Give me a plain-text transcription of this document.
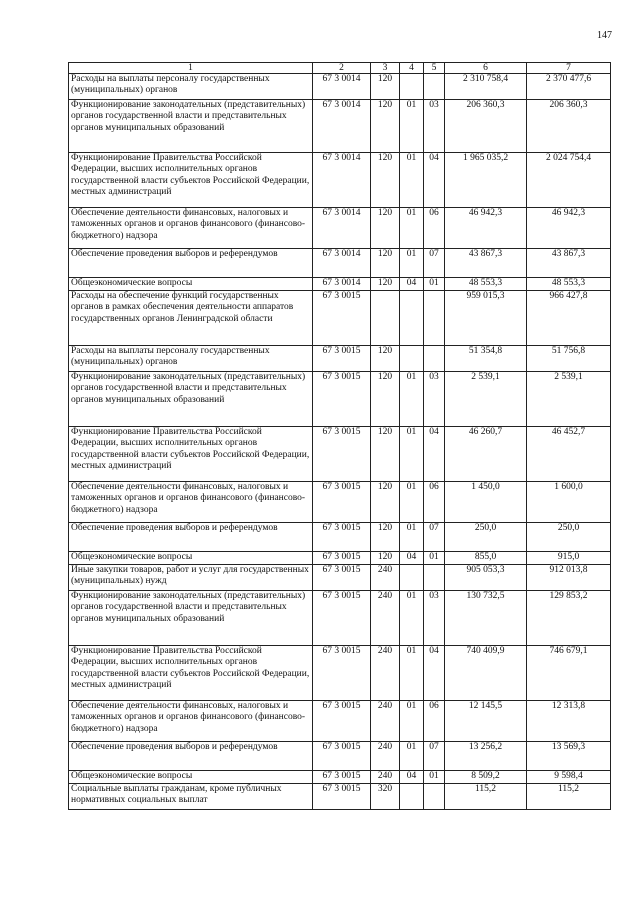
147
1	2	3	4	5	6	7
Расходы на выплаты персоналу государственных (муниципальных) органов	67 3 0014	120			2 310 758,4	2 370 477,6
Функционирование законодательных (представительных) органов государственной власти и представительных органов муниципальных образований	67 3 0014	120	01	03	206 360,3	206 360,3
Функционирование Правительства Российской Федерации, высших исполнительных органов государственной власти субъектов Российской Федерации, местных администраций	67 3 0014	120	01	04	1 965 035,2	2 024 754,4
Обеспечение деятельности финансовых, налоговых и таможенных органов и органов финансового (финансово-бюджетного) надзора	67 3 0014	120	01	06	46 942,3	46 942,3
Обеспечение проведения выборов и референдумов	67 3 0014	120	01	07	43 867,3	43 867,3
Общеэкономические вопросы	67 3 0014	120	04	01	48 553,3	48 553,3
Расходы на обеспечение функций государственных органов в рамках обеспечения деятельности аппаратов государственных органов Ленинградской области	67 3 0015				959 015,3	966 427,8
Расходы на выплаты персоналу государственных (муниципальных) органов	67 3 0015	120			51 354,8	51 756,8
Функционирование законодательных (представительных) органов государственной власти и представительных органов муниципальных образований	67 3 0015	120	01	03	2 539,1	2 539,1
Функционирование Правительства Российской Федерации, высших исполнительных органов государственной власти субъектов Российской Федерации, местных администраций	67 3 0015	120	01	04	46 260,7	46 452,7
Обеспечение деятельности финансовых, налоговых и таможенных органов и органов финансового (финансово-бюджетного) надзора	67 3 0015	120	01	06	1 450,0	1 600,0
Обеспечение проведения выборов и референдумов	67 3 0015	120	01	07	250,0	250,0
Общеэкономические вопросы	67 3 0015	120	04	01	855,0	915,0
Иные закупки товаров, работ и услуг для государственных (муниципальных) нужд	67 3 0015	240			905 053,3	912 013,8
Функционирование законодательных (представительных) органов государственной власти и представительных органов муниципальных образований	67 3 0015	240	01	03	130 732,5	129 853,2
Функционирование Правительства Российской Федерации, высших исполнительных органов государственной власти субъектов Российской Федерации, местных администраций	67 3 0015	240	01	04	740 409,9	746 679,1
Обеспечение деятельности финансовых, налоговых и таможенных органов и органов финансового (финансово-бюджетного) надзора	67 3 0015	240	01	06	12 145,5	12 313,8
Обеспечение проведения выборов и референдумов	67 3 0015	240	01	07	13 256,2	13 569,3
Общеэкономические вопросы	67 3 0015	240	04	01	8 509,2	9 598,4
Социальные выплаты гражданам, кроме публичных нормативных социальных выплат	67 3 0015	320			115,2	115,2
